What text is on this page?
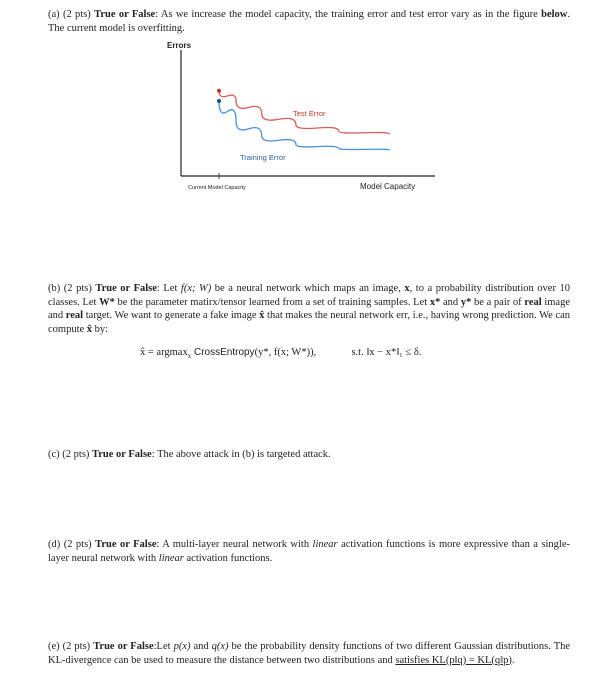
(a) (2 pts) True or False: As we increase the model capacity, the training error and test error vary as in the figure below. The current model is overfitting.
Errors
Test Error
Training Error
Current Model Capacity	Model Capacity
(b) (2 pts) True or False: Let f(x; W) be a neural network which maps an image, x, to a probability distribution over 10 classes. Let W* be the parameter matirx/tensor learned from a set of training samples. Let x* and y* be a pair of real image and real target. We want to generate a fake image x̂ that makes the neural network err, i.e., having wrong prediction. We can compute x̂ by:
x̂ = argmax$_x$ CrossEntropy(y*, f(x; W*)),	s.t. ‖x − x*‖₁ ≤ δ.
(c) (2 pts) True or False: The above attack in (b) is targeted attack.
(d) (2 pts) True or False: A multi-layer neural network with linear activation functions is more expressive than a single-layer neural network with linear activation functions.
(e) (2 pts) True or False:Let p(x) and q(x) be the probability density functions of two different Gaussian distributions. The KL-divergence can be used to measure the distance between two distributions and satisfies KL(p‖q) = KL(q‖p).
